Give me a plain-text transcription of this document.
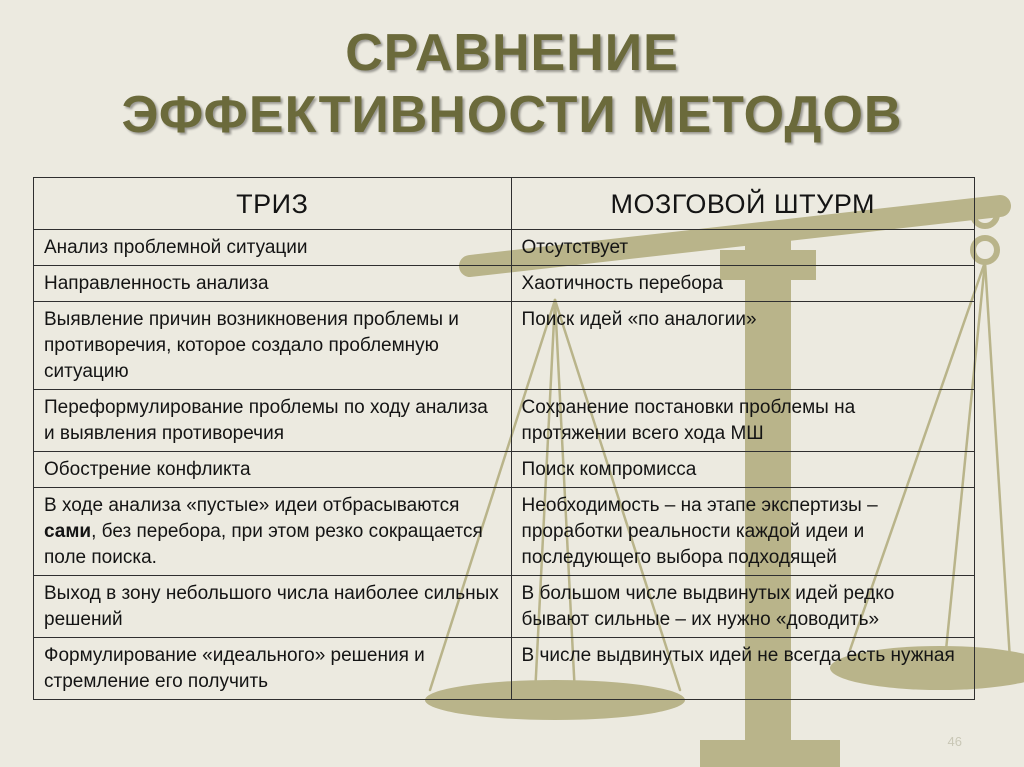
СРАВНЕНИЕ
ЭФФЕКТИВНОСТИ МЕТОДОВ
ТРИЗ	МОЗГОВОЙ ШТУРМ
Анализ проблемной ситуации	Отсутствует
Направленность анализа	Хаотичность перебора
Выявление причин возникновения проблемы и противоречия, которое создало проблемную ситуацию	Поиск идей «по аналогии»
Переформулирование проблемы по ходу анализа и выявления противоречия	Сохранение постановки проблемы на протяжении всего хода МШ
Обострение конфликта	Поиск компромисса
В ходе анализа «пустые» идеи отбрасываются сами, без перебора, при этом резко сокращается поле поиска.	Необходимость – на этапе экспертизы – проработки реальности каждой идеи и последующего выбора подходящей
Выход в зону небольшого числа наиболее сильных решений	В большом числе выдвинутых идей редко бывают сильные – их нужно «доводить»
Формулирование «идеального» решения и стремление его получить	В числе выдвинутых идей не всегда есть нужная
46
